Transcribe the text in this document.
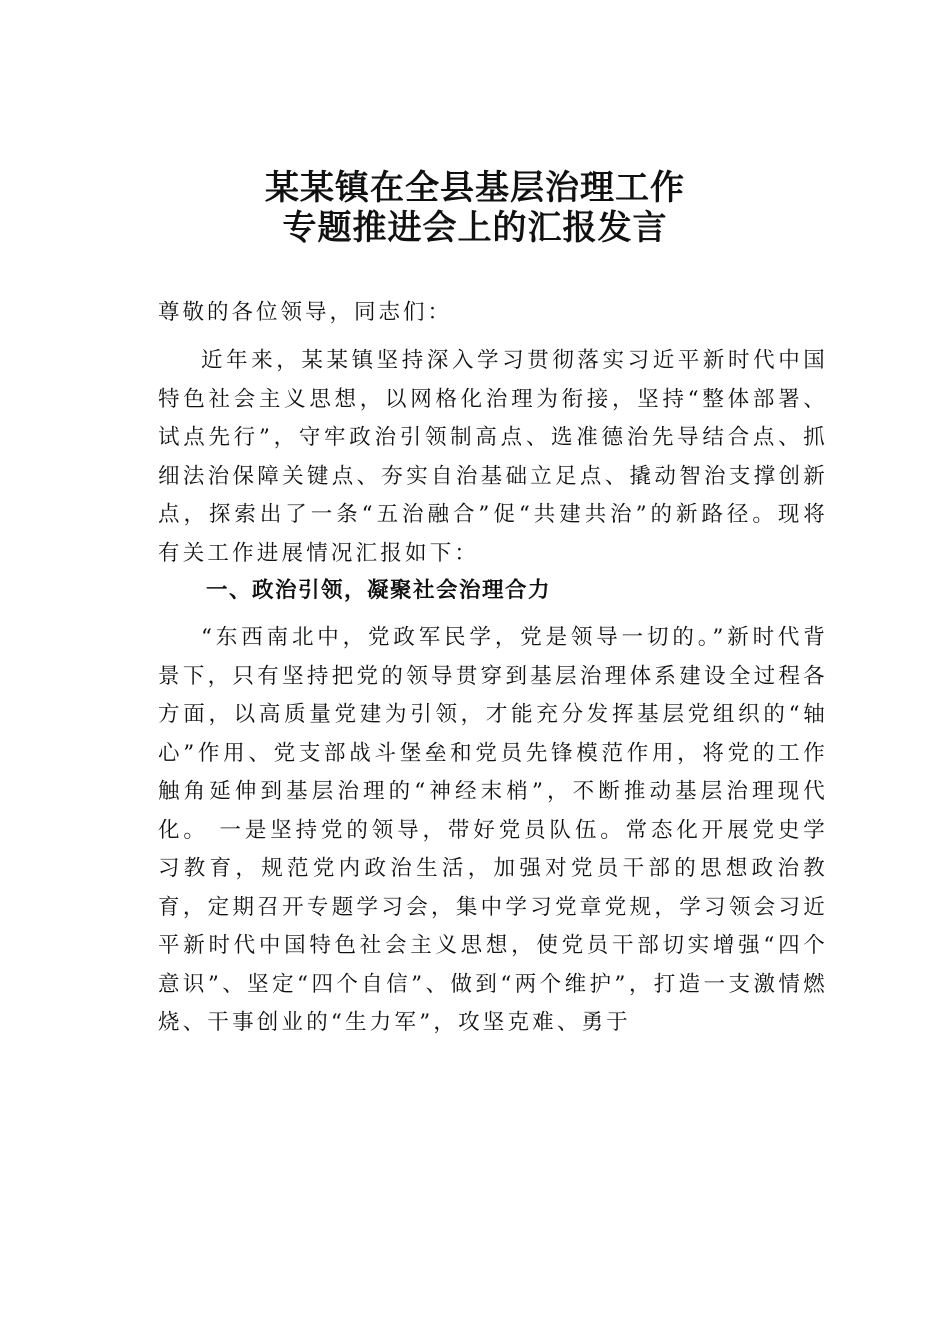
某某镇在全县基层治理工作
专题推进会上的汇报发言
尊敬的各位领导，同志们：
近年来，某某镇坚持深入学习贯彻落实习近平新时代中国特色社会主义思想，以网格化治理为衔接，坚持“整体部署、试点先行”，守牢政治引领制高点、选准德治先导结合点、抓细法治保障关键点、夯实自治基础立足点、撬动智治支撑创新点，探索出了一条“五治融合”促“共建共治”的新路径。现将有关工作进展情况汇报如下：
一、政治引领，凝聚社会治理合力
“东西南北中，党政军民学，党是领导一切的。”新时代背景下，只有坚持把党的领导贯穿到基层治理体系建设全过程各方面，以高质量党建为引领，才能充分发挥基层党组织的“轴心”作用、党支部战斗堡垒和党员先锋模范作用，将党的工作触角延伸到基层治理的“神经末梢”，不断推动基层治理现代化。 一是坚持党的领导，带好党员队伍。常态化开展党史学习教育，规范党内政治生活，加强对党员干部的思想政治教育，定期召开专题学习会，集中学习党章党规，学习领会习近平新时代中国特色社会主义思想，使党员干部切实增强“四个意识”、坚定“四个自信”、做到“两个维护”，打造一支激情燃烧、干事创业的“生力军”，攻坚克难、勇于
